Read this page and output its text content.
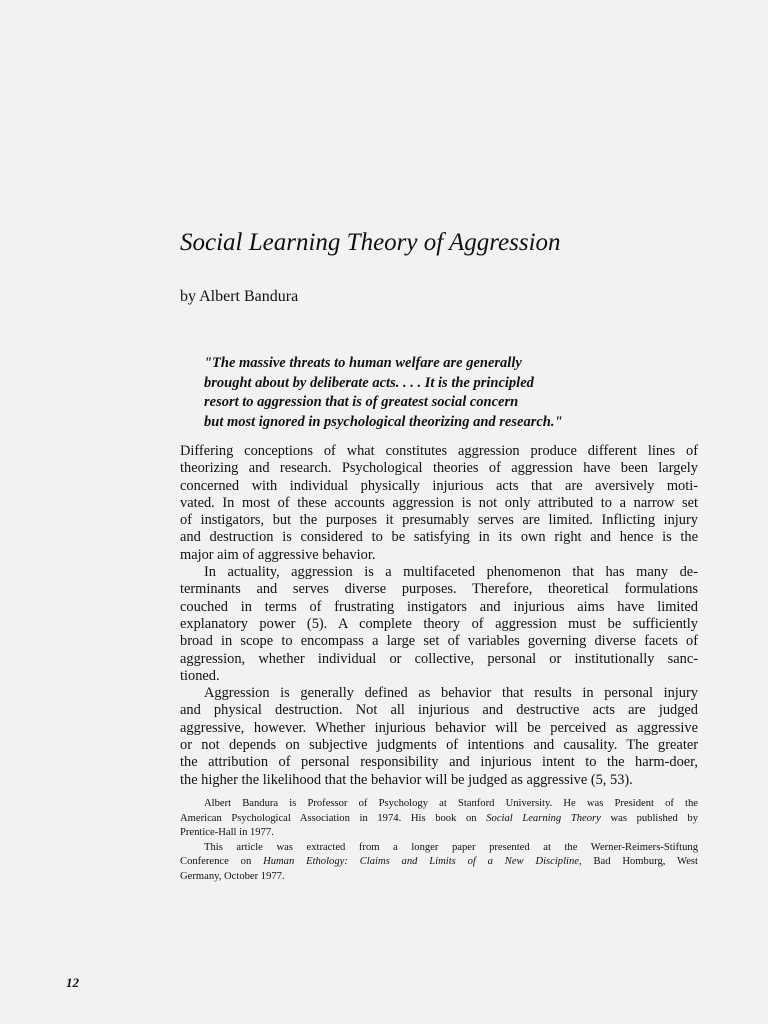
Social Learning Theory of Aggression
by Albert Bandura
"The massive threats to human welfare are generally
brought about by deliberate acts. . . . It is the principled
resort to aggression that is of greatest social concern
but most ignored in psychological theorizing and research."
Differing conceptions of what constitutes aggression produce different lines of
theorizing and research. Psychological theories of aggression have been largely
concerned with individual physically injurious acts that are aversively moti-
vated. In most of these accounts aggression is not only attributed to a narrow set
of instigators, but the purposes it presumably serves are limited. Inflicting injury
and destruction is considered to be satisfying in its own right and hence is the
major aim of aggressive behavior.
In actuality, aggression is a multifaceted phenomenon that has many de-
terminants and serves diverse purposes. Therefore, theoretical formulations
couched in terms of frustrating instigators and injurious aims have limited
explanatory power (5). A complete theory of aggression must be sufficiently
broad in scope to encompass a large set of variables governing diverse facets of
aggression, whether individual or collective, personal or institutionally sanc-
tioned.
Aggression is generally defined as behavior that results in personal injury
and physical destruction. Not all injurious and destructive acts are judged
aggressive, however. Whether injurious behavior will be perceived as aggressive
or not depends on subjective judgments of intentions and causality. The greater
the attribution of personal responsibility and injurious intent to the harm-doer,
the higher the likelihood that the behavior will be judged as aggressive (5, 53).
Albert Bandura is Professor of Psychology at Stanford University. He was President of the
American Psychological Association in 1974. His book on Social Learning Theory was published by
Prentice-Hall in 1977.
This article was extracted from a longer paper presented at the Werner-Reimers-Stiftung
Conference on Human Ethology: Claims and Limits of a New Discipline, Bad Homburg, West
Germany, October 1977.
12
